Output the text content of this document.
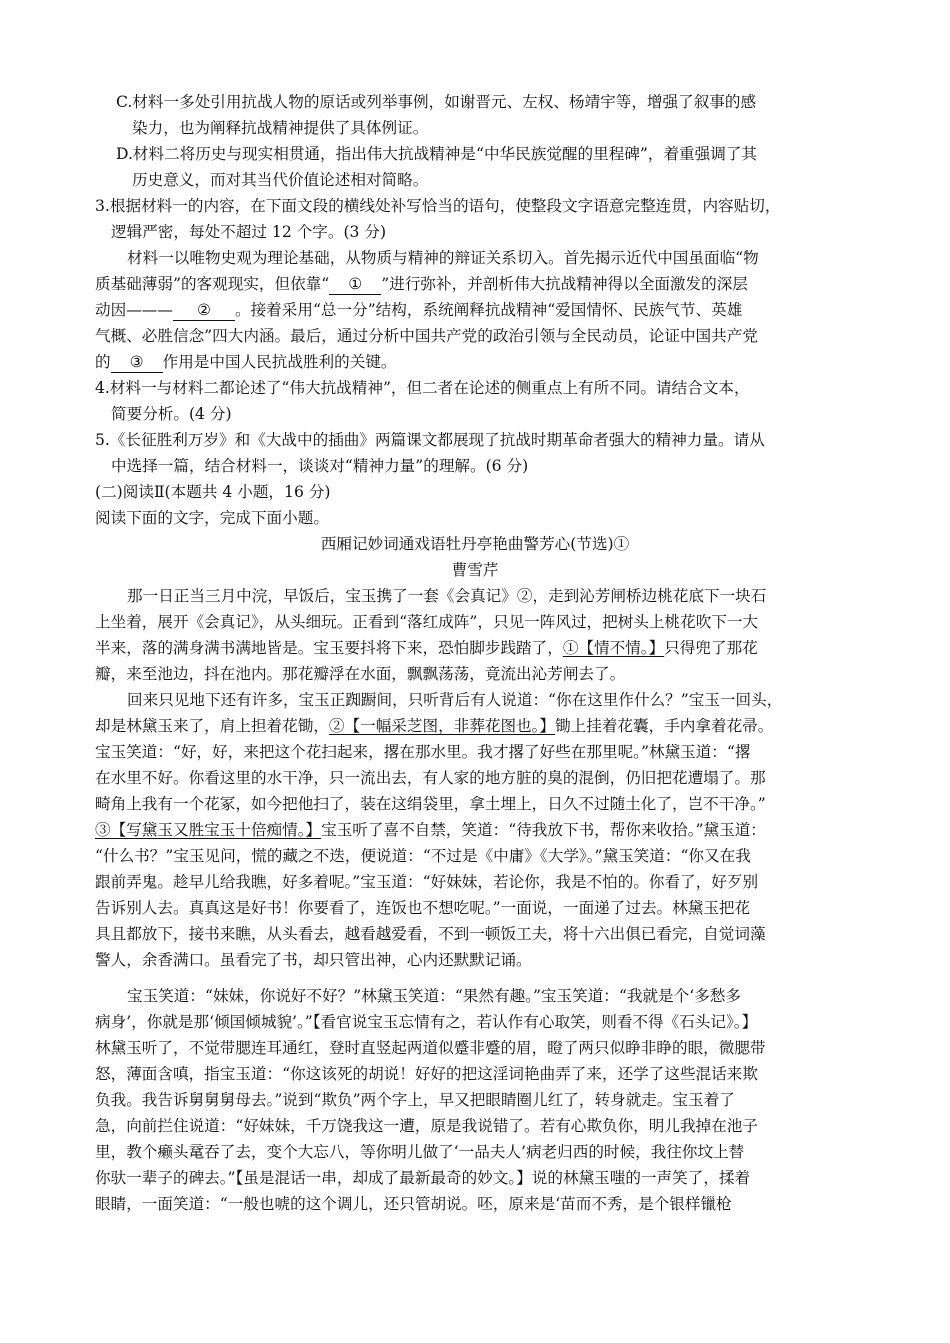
C.材料一多处引用抗战人物的原话或列举事例，如谢晋元、左权、杨靖宇等，增强了叙事的感
染力，也为阐释抗战精神提供了具体例证。
D.材料二将历史与现实相贯通，指出伟大抗战精神是“中华民族觉醒的里程碑”，着重强调了其
历史意义，而对其当代价值论述相对简略。
3.根据材料一的内容，在下面文段的横线处补写恰当的语句，使整段文字语意完整连贯，内容贴切，
逻辑严密，每处不超过 12 个字。(3 分)
材料一以唯物史观为理论基础，从物质与精神的辩证关系切入。首先揭示近代中国虽面临“物
质基础薄弱”的客观现实，但依靠“ ① ”进行弥补，并剖析伟大抗战精神得以全面激发的深层
动因——— ② 。接着采用“总一分”结构，系统阐释抗战精神“爱国情怀、民族气节、英雄
气概、必胜信念”四大内涵。最后，通过分析中国共产党的政治引领与全民动员，论证中国共产党
的 ③ 作用是中国人民抗战胜利的关键。
4.材料一与材料二都论述了“伟大抗战精神”，但二者在论述的侧重点上有所不同。请结合文本，
简要分析。(4 分)
5.《长征胜利万岁》和《大战中的插曲》两篇课文都展现了抗战时期革命者强大的精神力量。请从
中选择一篇，结合材料一，谈谈对“精神力量”的理解。(6 分)
(二)阅读Ⅱ(本题共 4 小题，16 分)
阅读下面的文字，完成下面小题。
西厢记妙词通戏语牡丹亭艳曲警芳心(节选)①
曹雪芹
那一日正当三月中浣，早饭后，宝玉携了一套《会真记》②，走到沁芳闸桥边桃花底下一块石
上坐着，展开《会真记》，从头细玩。正看到“落红成阵”，只见一阵风过，把树头上桃花吹下一大
半来，落的满身满书满地皆是。宝玉要抖将下来，恐怕脚步践踏了，①【情不情。】只得兜了那花
瓣，来至池边，抖在池内。那花瓣浮在水面，飘飘荡荡，竟流出沁芳闸去了。
回来只见地下还有许多，宝玉正踟蹰间，只听背后有人说道：“你在这里作什么？”宝玉一回头，
却是林黛玉来了，肩上担着花锄，②【一幅采芝图，非葬花图也。】锄上挂着花囊，手内拿着花帚。
宝玉笑道：“好，好，来把这个花扫起来，撂在那水里。我才撂了好些在那里呢。”林黛玉道：“撂
在水里不好。你看这里的水干净，只一流出去，有人家的地方脏的臭的混倒，仍旧把花遭塌了。那
畸角上我有一个花冢，如今把他扫了，装在这绢袋里，拿土埋上，日久不过随土化了，岂不干净。”
③【写黛玉又胜宝玉十倍痴情。】宝玉听了喜不自禁，笑道：“待我放下书，帮你来收拾。”黛玉道：
“什么书？”宝玉见问，慌的藏之不迭，便说道：“不过是《中庸》《大学》。”黛玉笑道：“你又在我
跟前弄鬼。趁早儿给我瞧，好多着呢。”宝玉道：“好妹妹，若论你，我是不怕的。你看了，好歹别
告诉别人去。真真这是好书！你要看了，连饭也不想吃呢。”一面说，一面递了过去。林黛玉把花
具且都放下，接书来瞧，从头看去，越看越爱看，不到一顿饭工夫，将十六出俱已看完，自觉词藻
警人，余香满口。虽看完了书，却只管出神，心内还默默记诵。
宝玉笑道：“妹妹，你说好不好？”林黛玉笑道：“果然有趣。”宝玉笑道：“我就是个‘多愁多
病身’，你就是那‘倾国倾城貌’。”【看官说宝玉忘情有之，若认作有心取笑，则看不得《石头记》。】
林黛玉听了，不觉带腮连耳通红，登时直竖起两道似蹙非蹙的眉，瞪了两只似睁非睁的眼，微腮带
怒，薄面含嗔，指宝玉道：“你这该死的胡说！好好的把这淫词艳曲弄了来，还学了这些混话来欺
负我。我告诉舅舅舅母去。”说到“欺负”两个字上，早又把眼睛圈儿红了，转身就走。宝玉着了
急，向前拦住说道：“好妹妹，千万饶我这一遭，原是我说错了。若有心欺负你，明儿我掉在池子
里，教个癞头鼋吞了去，变个大忘八，等你明儿做了‘一品夫人’病老归西的时候，我往你坟上替
你驮一辈子的碑去。”【虽是混话一串，却成了最新最奇的妙文。】说的林黛玉嗤的一声笑了，揉着
眼睛，一面笑道：“一般也唬的这个调儿，还只管胡说。呸，原来是‘苗而不秀，是个银样镴枪
